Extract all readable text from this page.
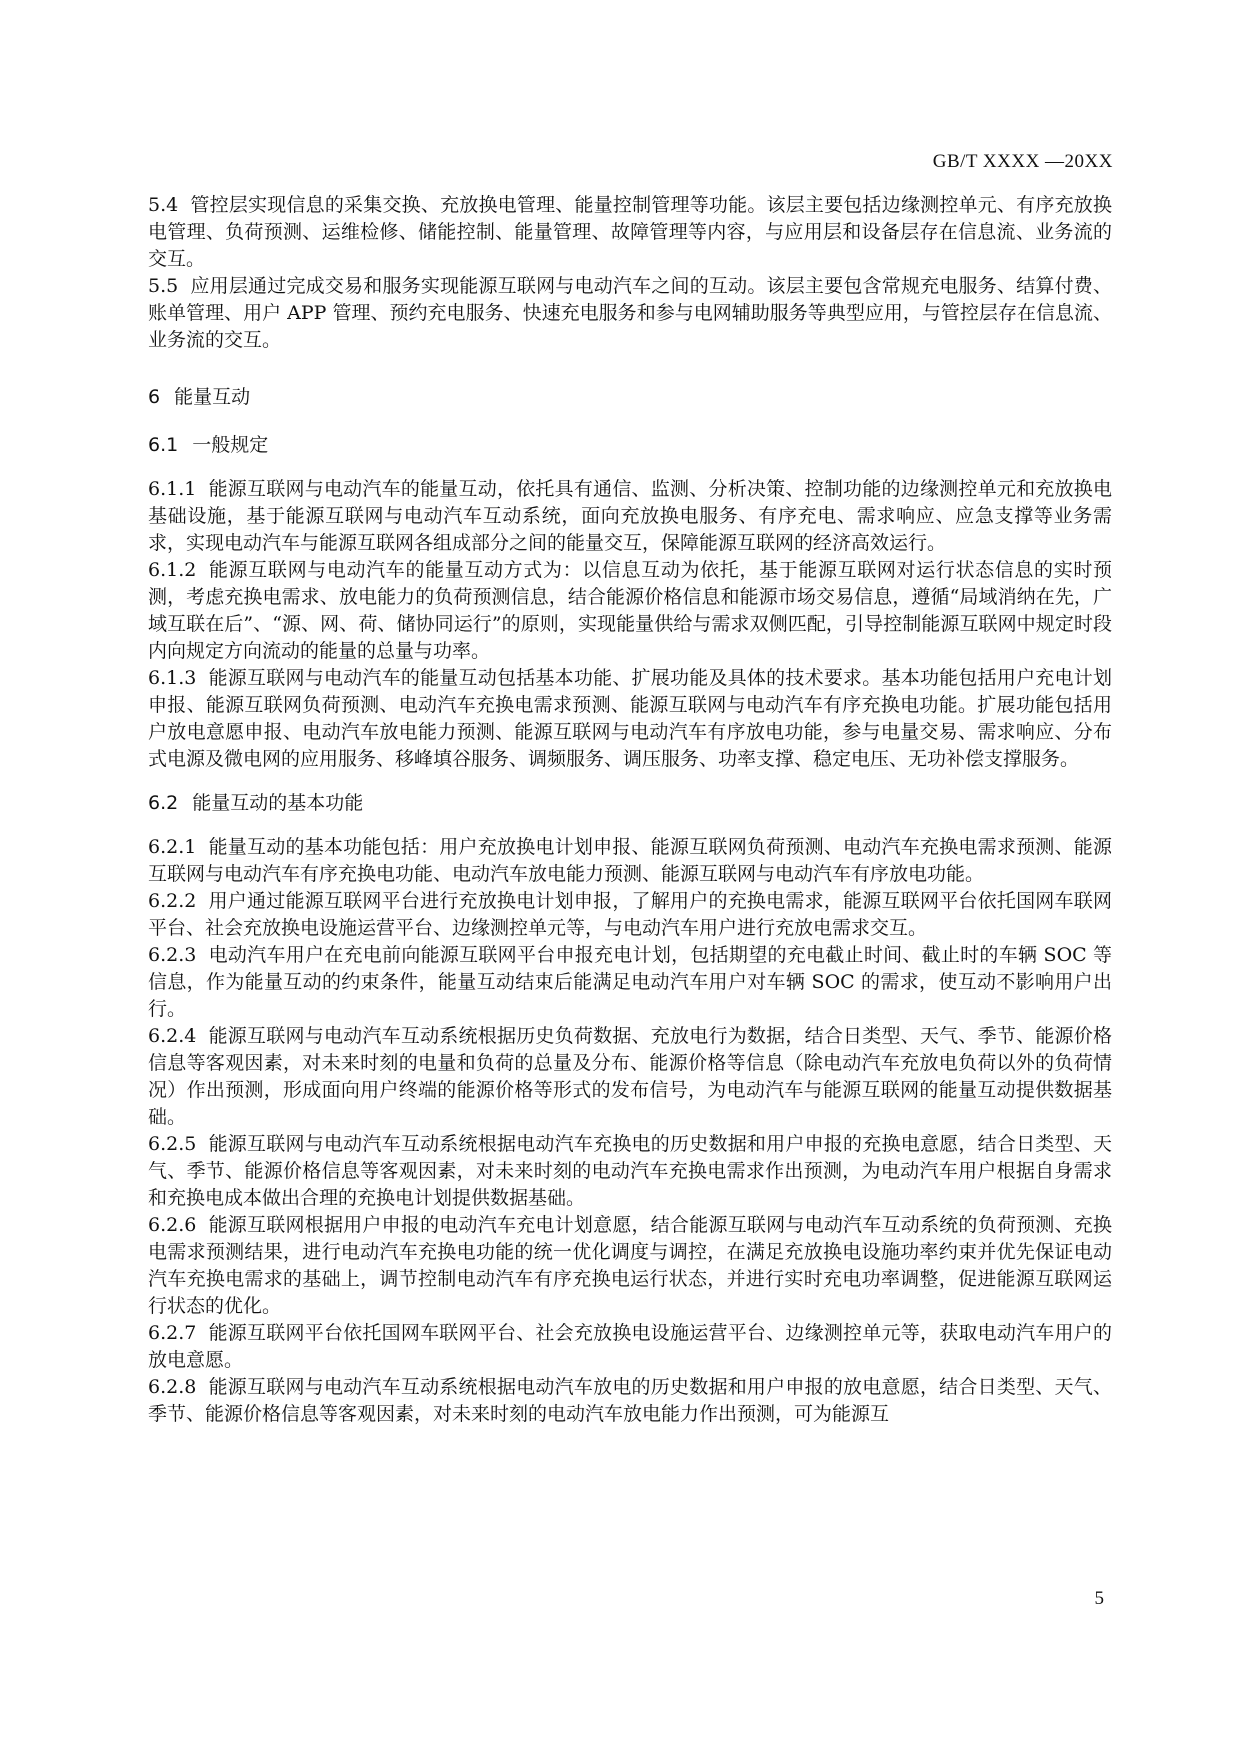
GB/T XXXX —20XX

5.4 管控层实现信息的采集交换、充放换电管理、能量控制管理等功能。该层主要包括边缘测控单元、有序充放换电管理、负荷预测、运维检修、储能控制、能量管理、故障管理等内容，与应用层和设备层存在信息流、业务流的交互。

5.5 应用层通过完成交易和服务实现能源互联网与电动汽车之间的互动。该层主要包含常规充电服务、结算付费、账单管理、用户 APP 管理、预约充电服务、快速充电服务和参与电网辅助服务等典型应用，与管控层存在信息流、业务流的交互。

6 能量互动

6.1 一般规定

6.1.1 能源互联网与电动汽车的能量互动，依托具有通信、监测、分析决策、控制功能的边缘测控单元和充放换电基础设施，基于能源互联网与电动汽车互动系统，面向充放换电服务、有序充电、需求响应、应急支撑等业务需求，实现电动汽车与能源互联网各组成部分之间的能量交互，保障能源互联网的经济高效运行。

6.1.2 能源互联网与电动汽车的能量互动方式为：以信息互动为依托，基于能源互联网对运行状态信息的实时预测，考虑充换电需求、放电能力的负荷预测信息，结合能源价格信息和能源市场交易信息，遵循“局域消纳在先，广域互联在后”、“源、网、荷、储协同运行”的原则，实现能量供给与需求双侧匹配，引导控制能源互联网中规定时段内向规定方向流动的能量的总量与功率。

6.1.3 能源互联网与电动汽车的能量互动包括基本功能、扩展功能及具体的技术要求。基本功能包括用户充电计划申报、能源互联网负荷预测、电动汽车充换电需求预测、能源互联网与电动汽车有序充换电功能。扩展功能包括用户放电意愿申报、电动汽车放电能力预测、能源互联网与电动汽车有序放电功能，参与电量交易、需求响应、分布式电源及微电网的应用服务、移峰填谷服务、调频服务、调压服务、功率支撑、稳定电压、无功补偿支撑服务。

6.2 能量互动的基本功能

6.2.1 能量互动的基本功能包括：用户充放换电计划申报、能源互联网负荷预测、电动汽车充换电需求预测、能源互联网与电动汽车有序充换电功能、电动汽车放电能力预测、能源互联网与电动汽车有序放电功能。

6.2.2 用户通过能源互联网平台进行充放换电计划申报，了解用户的充换电需求，能源互联网平台依托国网车联网平台、社会充放换电设施运营平台、边缘测控单元等，与电动汽车用户进行充放电需求交互。

6.2.3 电动汽车用户在充电前向能源互联网平台申报充电计划，包括期望的充电截止时间、截止时的车辆 SOC 等信息，作为能量互动的约束条件，能量互动结束后能满足电动汽车用户对车辆 SOC 的需求，使互动不影响用户出行。

6.2.4 能源互联网与电动汽车互动系统根据历史负荷数据、充放电行为数据，结合日类型、天气、季节、能源价格信息等客观因素，对未来时刻的电量和负荷的总量及分布、能源价格等信息（除电动汽车充放电负荷以外的负荷情况）作出预测，形成面向用户终端的能源价格等形式的发布信号，为电动汽车与能源互联网的能量互动提供数据基础。

6.2.5 能源互联网与电动汽车互动系统根据电动汽车充换电的历史数据和用户申报的充换电意愿，结合日类型、天气、季节、能源价格信息等客观因素，对未来时刻的电动汽车充换电需求作出预测，为电动汽车用户根据自身需求和充换电成本做出合理的充换电计划提供数据基础。

6.2.6 能源互联网根据用户申报的电动汽车充电计划意愿，结合能源互联网与电动汽车互动系统的负荷预测、充换电需求预测结果，进行电动汽车充换电功能的统一优化调度与调控，在满足充放换电设施功率约束并优先保证电动汽车充换电需求的基础上，调节控制电动汽车有序充换电运行状态，并进行实时充电功率调整，促进能源互联网运行状态的优化。

6.2.7 能源互联网平台依托国网车联网平台、社会充放换电设施运营平台、边缘测控单元等，获取电动汽车用户的放电意愿。

6.2.8 能源互联网与电动汽车互动系统根据电动汽车放电的历史数据和用户申报的放电意愿，结合日类型、天气、季节、能源价格信息等客观因素，对未来时刻的电动汽车放电能力作出预测，可为能源互

5
